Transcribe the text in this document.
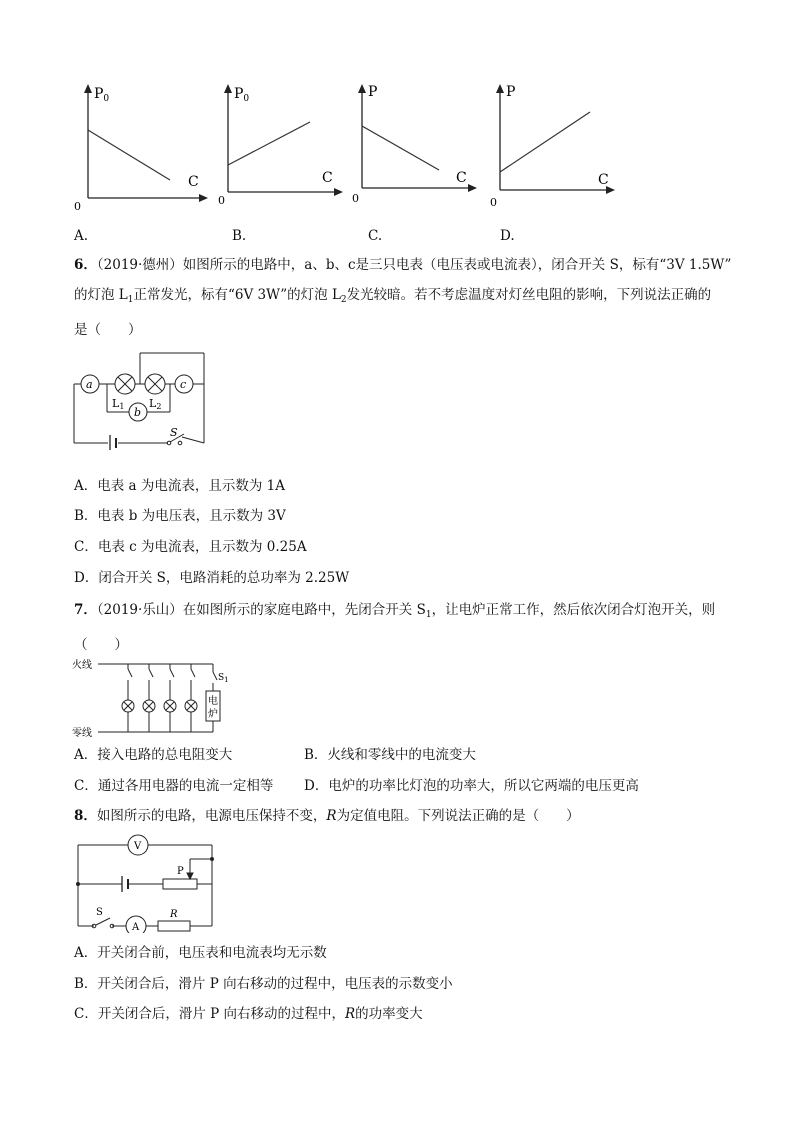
$P_0$
C
0
A.
$P_0$
C
0
B.
P
C
0
C.
P
C
0
D.
6．（2019·德州）如图所示的电路中，a、b、c是三只电表（电压表或电流表），闭合开关 S，标有“3V 1.5W”
的灯泡 $L_1$正常发光，标有“6V 3W”的灯泡 $L_2$发光较暗。若不考虑温度对灯丝电阻的影响，下列说法正确的
是（　　）
a	c
b
L1 L2
S
A．电表 a 为电流表，且示数为 1A
B．电表 b 为电压表，且示数为 3V
C．电表 c 为电流表，且示数为 0.25A
D．闭合开关 S，电路消耗的总功率为 2.25W
7．（2019·乐山）在如图所示的家庭电路中，先闭合开关 $S_1$，让电炉正常工作，然后依次闭合灯泡开关，则
（　　）
火线
零线
$S_1$
电
炉
A．接入电路的总电阻变大	B．火线和零线中的电流变大
C．通过各用电器的电流一定相等 D．电炉的功率比灯泡的功率大，所以它两端的电压更高
8．如图所示的电路，电源电压保持不变，R为定值电阻。下列说法正确的是（　　）
V
A
P
S	R
A．开关闭合前，电压表和电流表均无示数
B．开关闭合后，滑片 P 向右移动的过程中，电压表的示数变小
C．开关闭合后，滑片 P 向右移动的过程中，R的功率变大
